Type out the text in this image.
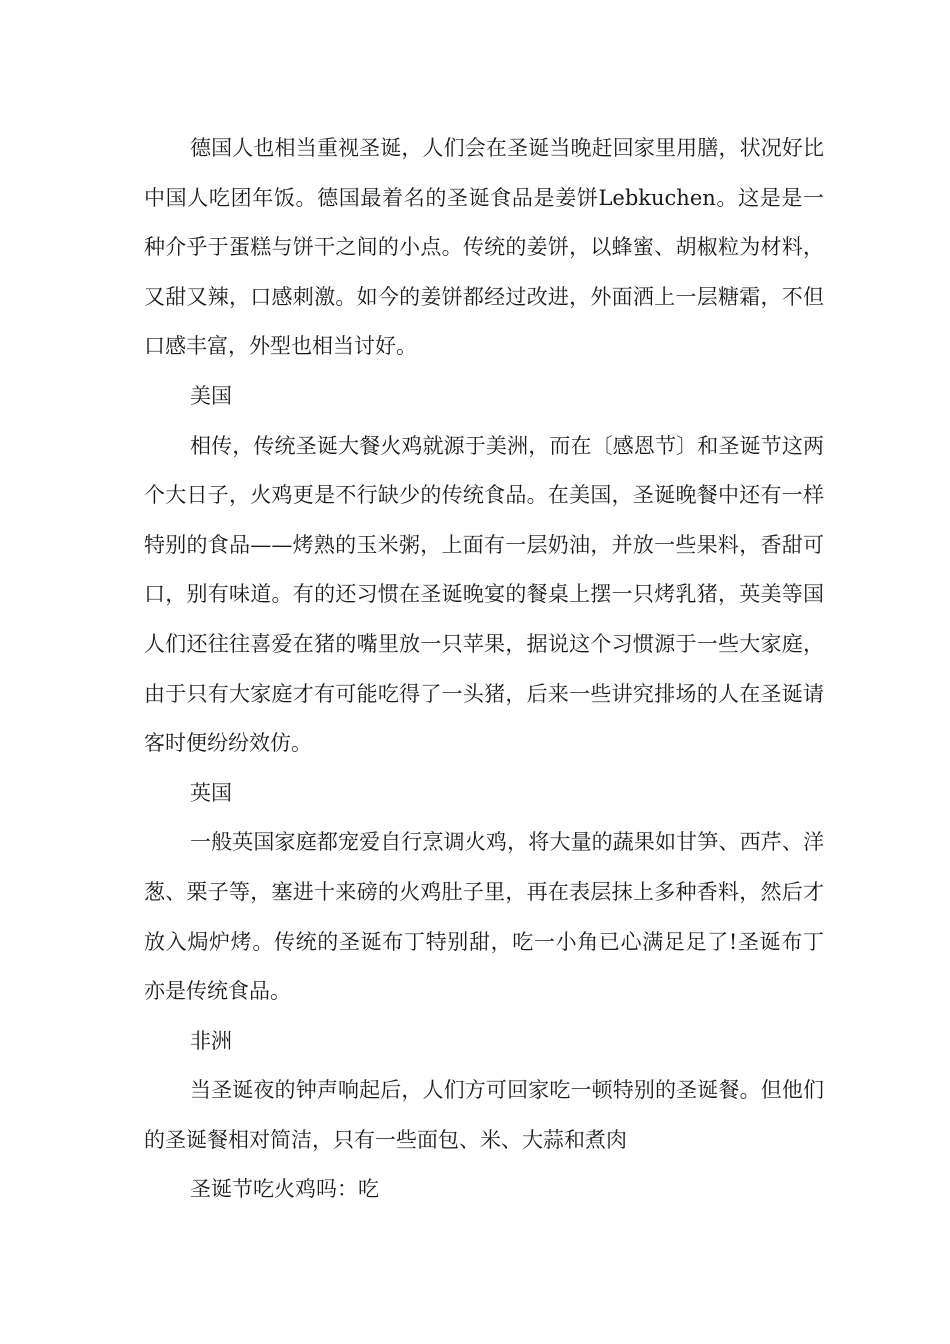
德国人也相当重视圣诞，人们会在圣诞当晚赶回家里用膳，状况好比中国人吃团年饭。德国最着名的圣诞食品是姜饼Lebkuchen。这是是一种介乎于蛋糕与饼干之间的小点。传统的姜饼，以蜂蜜、胡椒粒为材料，又甜又辣，口感刺激。如今的姜饼都经过改进，外面洒上一层糖霜，不但口感丰富，外型也相当讨好。

美国

相传，传统圣诞大餐火鸡就源于美洲，而在〔感恩节〕和圣诞节这两个大日子，火鸡更是不行缺少的传统食品。在美国，圣诞晚餐中还有一样特别的食品——烤熟的玉米粥，上面有一层奶油，并放一些果料，香甜可口，别有味道。有的还习惯在圣诞晚宴的餐桌上摆一只烤乳猪，英美等国人们还往往喜爱在猪的嘴里放一只苹果，据说这个习惯源于一些大家庭，由于只有大家庭才有可能吃得了一头猪，后来一些讲究排场的人在圣诞请客时便纷纷效仿。

英国

一般英国家庭都宠爱自行烹调火鸡，将大量的蔬果如甘笋、西芹、洋葱、栗子等，塞进十来磅的火鸡肚子里，再在表层抹上多种香料，然后才放入焗炉烤。传统的圣诞布丁特别甜，吃一小角已心满足足了!圣诞布丁亦是传统食品。

非洲

当圣诞夜的钟声响起后，人们方可回家吃一顿特别的圣诞餐。但他们的圣诞餐相对简洁，只有一些面包、米、大蒜和煮肉

圣诞节吃火鸡吗：吃
